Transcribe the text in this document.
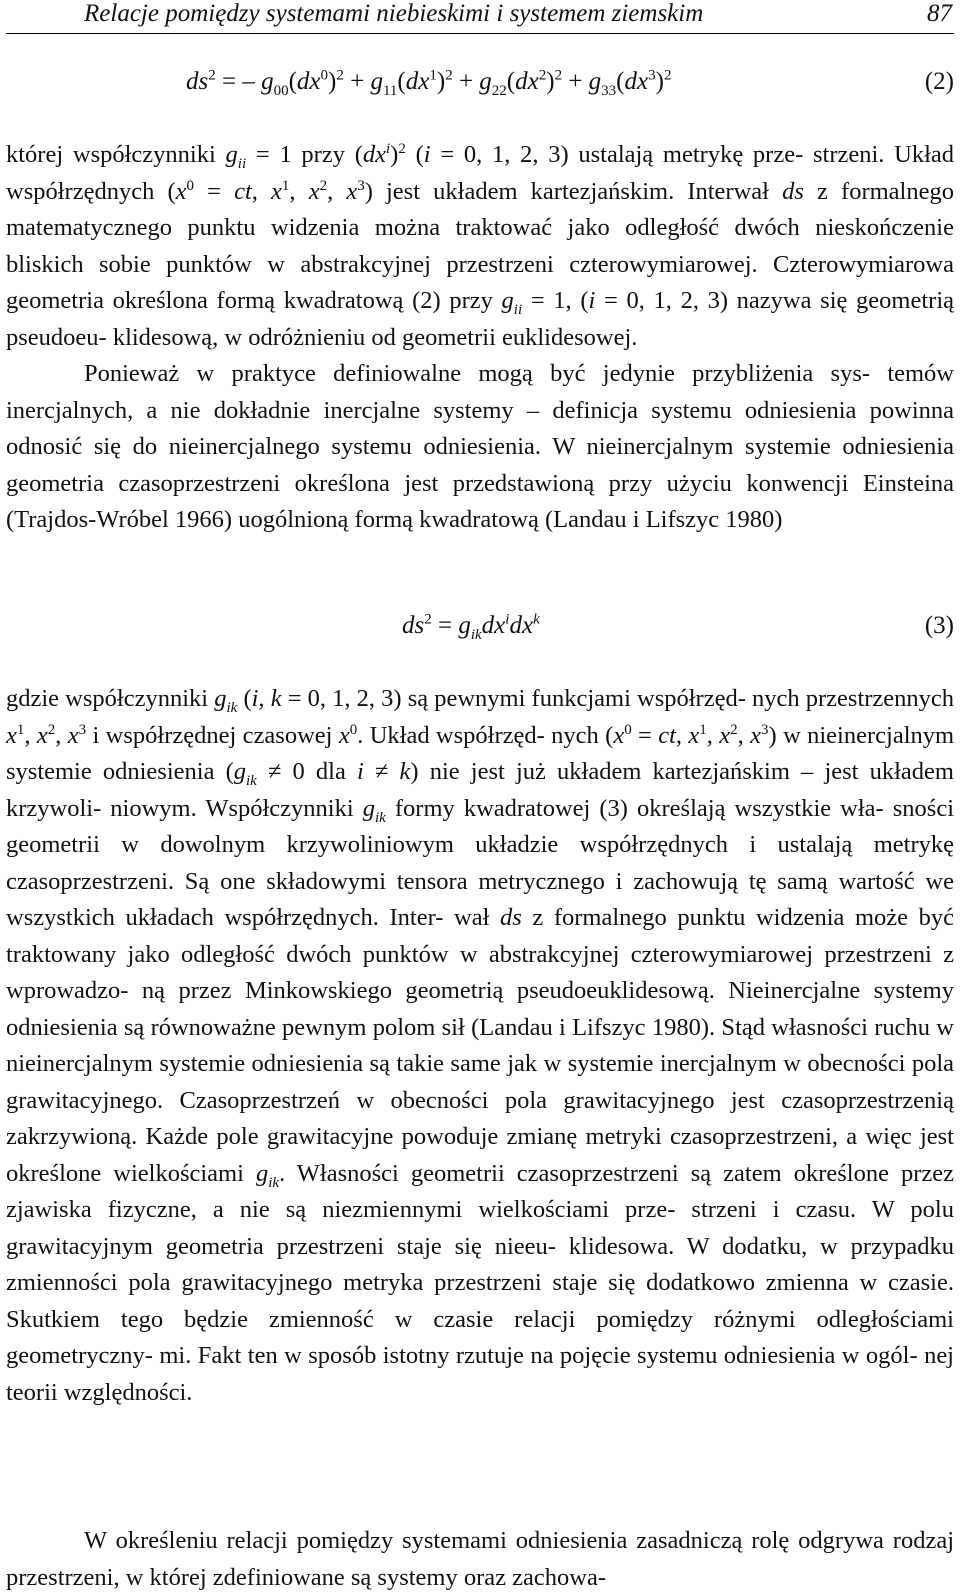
Relacje pomiędzy systemami niebieskimi i systemem ziemskim	87
$ds^2$ = – $g_{00}(dx^0)^2 + g_{11}(dx^1)^2 + g_{22}(dx^2)^2 + g_{33}(dx^3)^2$	(2)

której współczynniki $g_{ii} = 1$ przy $(dx^i)^2$ (i = 0, 1, 2, 3) ustalają metrykę prze- strzeni. Układ współrzędnych ($x^0$ = ct, $x^1$, $x^2$, $x^3$) jest układem kartezjańskim. Interwał ds z formalnego matematycznego punktu widzenia można traktować jako odległość dwóch nieskończenie bliskich sobie punktów w abstrakcyjnej przestrzeni czterowymiarowej. Czterowymiarowa geometria określona formą kwadratową (2) przy $g_{ii} = 1$, (i = 0, 1, 2, 3) nazywa się geometrią pseudoeu- klidesową, w odróżnieniu od geometrii euklidesowej.

Ponieważ w praktyce definiowalne mogą być jedynie przybliżenia sys- temów inercjalnych, a nie dokładnie inercjalne systemy – definicja systemu odniesienia powinna odnosić się do nieinercjalnego systemu odniesienia. W nieinercjalnym systemie odniesienia geometria czasoprzestrzeni określona jest przedstawioną przy użyciu konwencji Einsteina (Trajdos-Wróbel 1966) uogólnioną formą kwadratową (Landau i Lifszyc 1980)

$ds^2 = g_{ik}dx^idx^k$	(3)

gdzie współczynniki $g_{ik}$ (i, k = 0, 1, 2, 3) są pewnymi funkcjami współrzęd- nych przestrzennych $x^1$, $x^2$, $x^3$ i współrzędnej czasowej $x^0$. Układ współrzęd- nych ($x^0$ = ct, $x^1$, $x^2$, $x^3$) w nieinercjalnym systemie odniesienia ($g_{ik} \ne 0$ dla i ≠ k) nie jest już układem kartezjańskim – jest układem krzywoli- niowym. Współczynniki $g_{ik}$ formy kwadratowej (3) określają wszystkie wła- sności geometrii w dowolnym krzywoliniowym układzie współrzędnych i ustalają metrykę czasoprzestrzeni. Są one składowymi tensora metrycznego i zachowują tę samą wartość we wszystkich układach współrzędnych. Inter- wał ds z formalnego punktu widzenia może być traktowany jako odległość dwóch punktów w abstrakcyjnej czterowymiarowej przestrzeni z wprowadzo- ną przez Minkowskiego geometrią pseudoeuklidesową. Nieinercjalne systemy odniesienia są równoważne pewnym polom sił (Landau i Lifszyc 1980). Stąd własności ruchu w nieinercjalnym systemie odniesienia są takie same jak w systemie inercjalnym w obecności pola grawitacyjnego. Czasoprzestrzeń w obecności pola grawitacyjnego jest czasoprzestrzenią zakrzywioną. Każde pole grawitacyjne powoduje zmianę metryki czasoprzestrzeni, a więc jest określone wielkościami $g_{ik}$. Własności geometrii czasoprzestrzeni są zatem określone przez zjawiska fizyczne, a nie są niezmiennymi wielkościami prze- strzeni i czasu. W polu grawitacyjnym geometria przestrzeni staje się nieeu- klidesowa. W dodatku, w przypadku zmienności pola grawitacyjnego metryka przestrzeni staje się dodatkowo zmienna w czasie. Skutkiem tego będzie zmienność w czasie relacji pomiędzy różnymi odległościami geometryczny- mi. Fakt ten w sposób istotny rzutuje na pojęcie systemu odniesienia w ogól- nej teorii względności.

W określeniu relacji pomiędzy systemami odniesienia zasadniczą rolę odgrywa rodzaj przestrzeni, w której zdefiniowane są systemy oraz zachowa-
